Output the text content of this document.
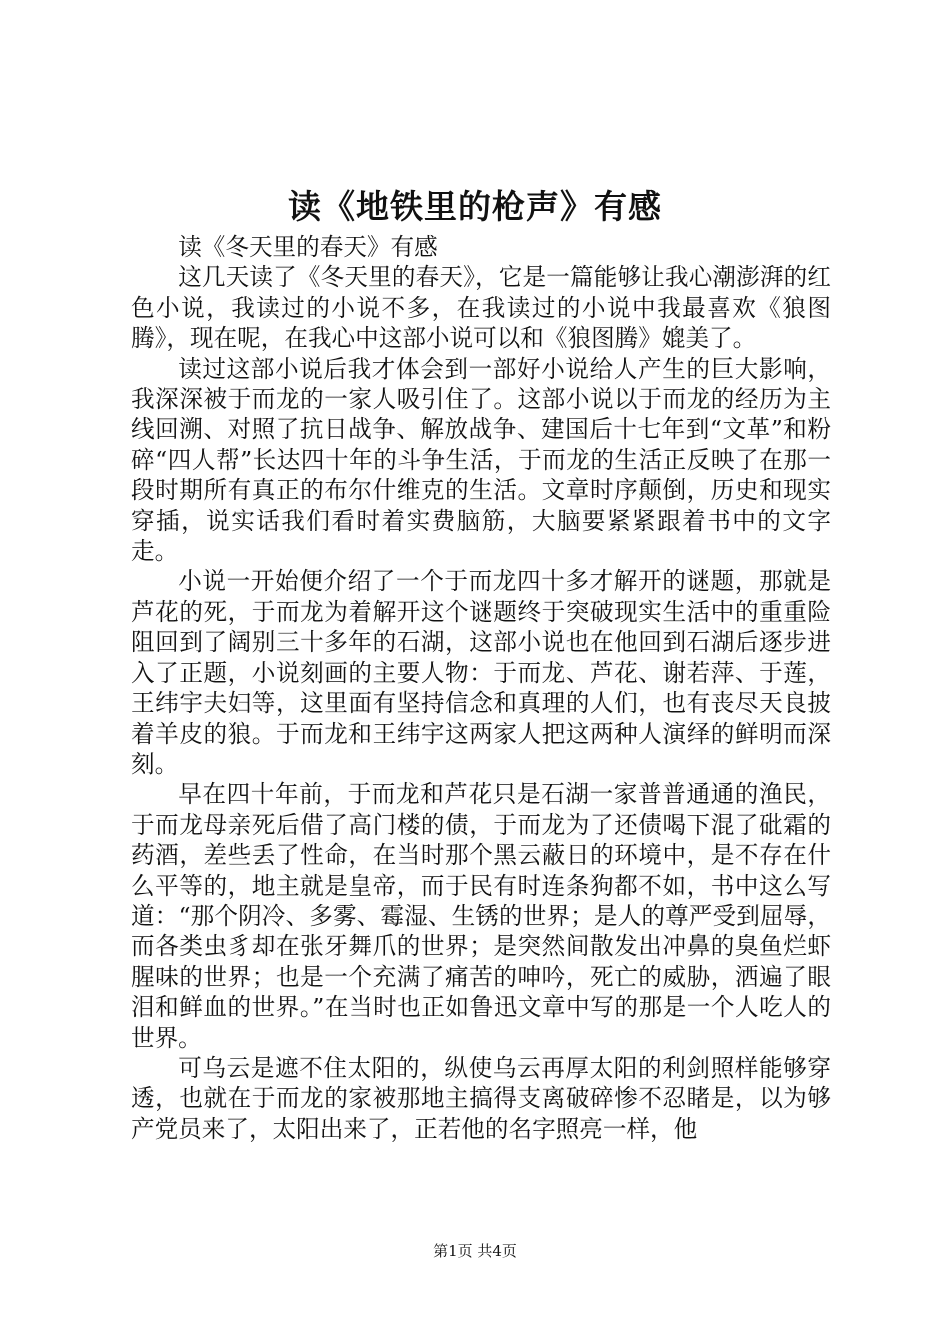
读《地铁里的枪声》有感

读《冬天里的春天》有感

这几天读了《冬天里的春天》，它是一篇能够让我心潮澎湃的红色小说，我读过的小说不多，在我读过的小说中我最喜欢《狼图腾》，现在呢，在我心中这部小说可以和《狼图腾》媲美了。

读过这部小说后我才体会到一部好小说给人产生的巨大影响，我深深被于而龙的一家人吸引住了。这部小说以于而龙的经历为主线回溯、对照了抗日战争、解放战争、建国后十七年到“文革”和粉碎“四人帮”长达四十年的斗争生活，于而龙的生活正反映了在那一段时期所有真正的布尔什维克的生活。文章时序颠倒，历史和现实穿插，说实话我们看时着实费脑筋，大脑要紧紧跟着书中的文字走。

小说一开始便介绍了一个于而龙四十多才解开的谜题，那就是芦花的死，于而龙为着解开这个谜题终于突破现实生活中的重重险阻回到了阔别三十多年的石湖，这部小说也在他回到石湖后逐步进入了正题，小说刻画的主要人物：于而龙、芦花、谢若萍、于莲，王纬宇夫妇等，这里面有坚持信念和真理的人们，也有丧尽天良披着羊皮的狼。于而龙和王纬宇这两家人把这两种人演绎的鲜明而深刻。

早在四十年前，于而龙和芦花只是石湖一家普普通通的渔民，于而龙母亲死后借了高门楼的债，于而龙为了还债喝下混了砒霜的药酒，差些丢了性命，在当时那个黑云蔽日的环境中，是不存在什么平等的，地主就是皇帝，而于民有时连条狗都不如，书中这么写道：“那个阴冷、多雾、霉湿、生锈的世界；是人的尊严受到屈辱，而各类虫豸却在张牙舞爪的世界；是突然间散发出冲鼻的臭鱼烂虾腥味的世界；也是一个充满了痛苦的呻吟，死亡的威胁，洒遍了眼泪和鲜血的世界。”在当时也正如鲁迅文章中写的那是一个人吃人的世界。

可乌云是遮不住太阳的，纵使乌云再厚太阳的利剑照样能够穿透，也就在于而龙的家被那地主搞得支离破碎惨不忍睹是，以为够产党员来了，太阳出来了，正若他的名字照亮一样，他

第1页 共4页
